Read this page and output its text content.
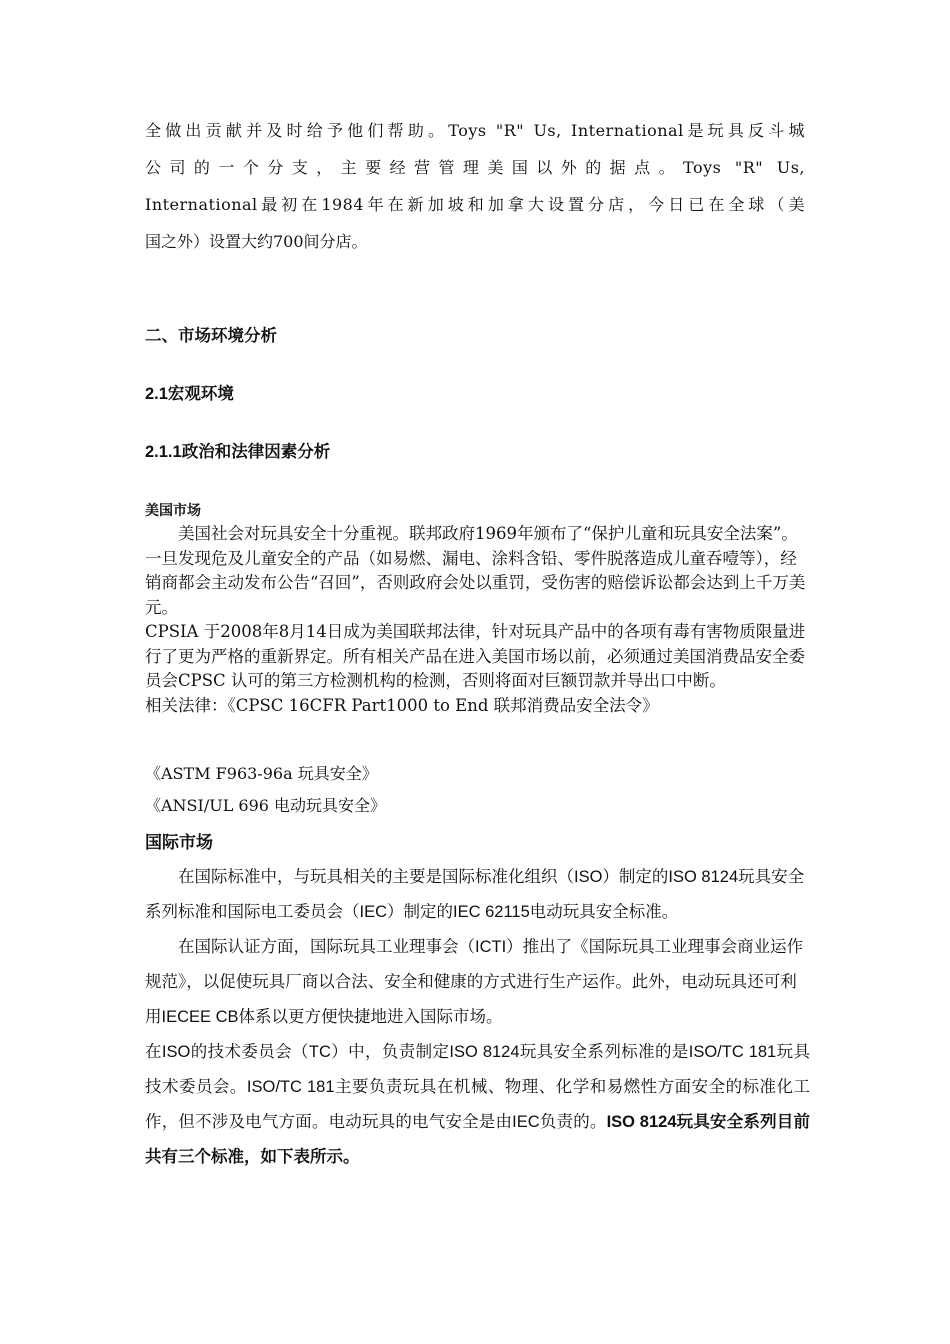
全做出贡献并及时给予他们帮助。Toys "R" Us, International是玩具反斗城

公司的一个分支，主要经营管理美国以外的据点。Toys "R" Us,

International最初在1984年在新加坡和加拿大设置分店，今日已在全球（美

国之外）设置大约700间分店。

二、市场环境分析
2.1宏观环境
2.1.1政治和法律因素分析

美国市场

美国社会对玩具安全十分重视。联邦政府1969年颁布了“保护儿童和玩具安全法案”。一旦发现危及儿童安全的产品（如易燃、漏电、涂料含铅、零件脱落造成儿童吞噎等），经销商都会主动发布公告“召回”，否则政府会处以重罚，受伤害的赔偿诉讼都会达到上千万美元。

CPSIA 于2008年8月14日成为美国联邦法律，针对玩具产品中的各项有毒有害物质限量进行了更为严格的重新界定。所有相关产品在进入美国市场以前，必须通过美国消费品安全委员会CPSC 认可的第三方检测机构的检测，否则将面对巨额罚款并导出口中断。

相关法律：《CPSC 16CFR Part1000 to End 联邦消费品安全法令》

《ASTM F963-96a 玩具安全》

《ANSI/UL 696 电动玩具安全》

国际市场

在国际标准中，与玩具相关的主要是国际标准化组织（ISO）制定的ISO 8124玩具安全系列标准和国际电工委员会（IEC）制定的IEC 62115电动玩具安全标准。

在国际认证方面，国际玩具工业理事会（ICTI）推出了《国际玩具工业理事会商业运作规范》，以促使玩具厂商以合法、安全和健康的方式进行生产运作。此外，电动玩具还可利用IECEE CB体系以更方便快捷地进入国际市场。

在ISO的技术委员会（TC）中，负责制定ISO 8124玩具安全系列标准的是ISO/TC 181玩具技术委员会。ISO/TC 181主要负责玩具在机械、物理、化学和易燃性方面安全的标准化工作，但不涉及电气方面。电动玩具的电气安全是由IEC负责的。ISO 8124玩具安全系列目前共有三个标准，如下表所示。
